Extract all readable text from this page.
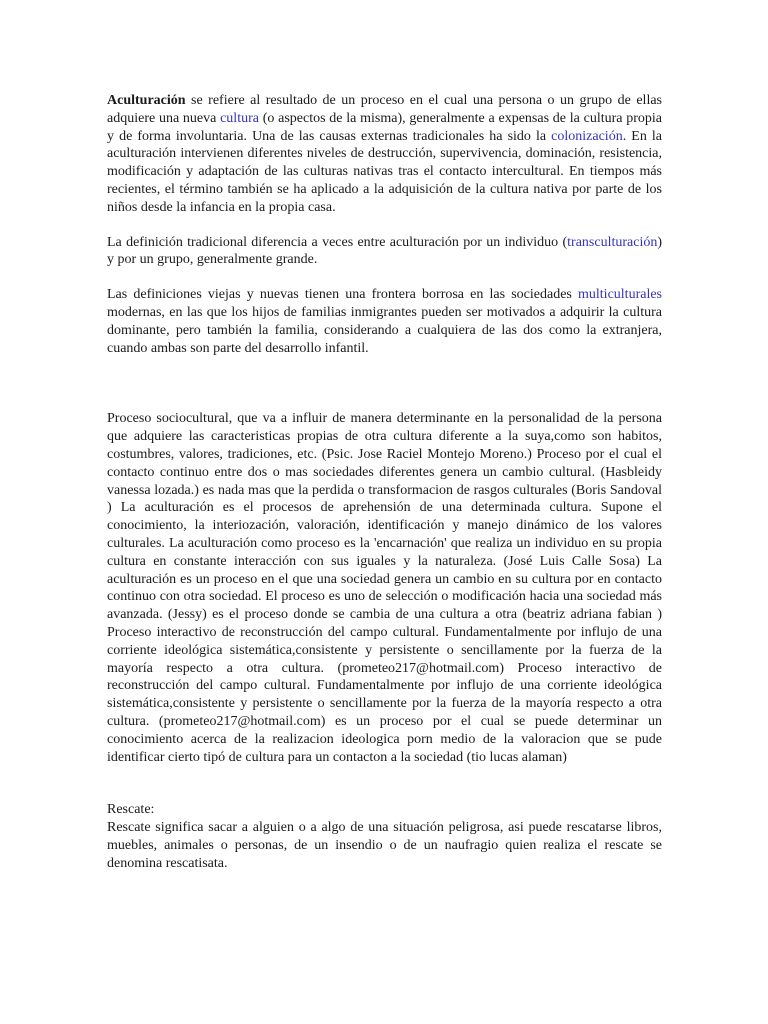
Aculturación se refiere al resultado de un proceso en el cual una persona o un grupo de ellas adquiere una nueva cultura (o aspectos de la misma), generalmente a expensas de la cultura propia y de forma involuntaria. Una de las causas externas tradicionales ha sido la colonización. En la aculturación intervienen diferentes niveles de destrucción, supervivencia, dominación, resistencia, modificación y adaptación de las culturas nativas tras el contacto intercultural. En tiempos más recientes, el término también se ha aplicado a la adquisición de la cultura nativa por parte de los niños desde la infancia en la propia casa.

La definición tradicional diferencia a veces entre aculturación por un individuo (transculturación) y por un grupo, generalmente grande.

Las definiciones viejas y nuevas tienen una frontera borrosa en las sociedades multiculturales modernas, en las que los hijos de familias inmigrantes pueden ser motivados a adquirir la cultura dominante, pero también la familia, considerando a cualquiera de las dos como la extranjera, cuando ambas son parte del desarrollo infantil.

Proceso sociocultural, que va a influir de manera determinante en la personalidad de la persona que adquiere las caracteristicas propias de otra cultura diferente a la suya,como son habitos, costumbres, valores, tradiciones, etc. (Psic. Jose Raciel Montejo Moreno.) Proceso por el cual el contacto continuo entre dos o mas sociedades diferentes genera un cambio cultural. (Hasbleidy vanessa lozada.) es nada mas que la perdida o transformacion de rasgos culturales (Boris Sandoval ) La aculturación es el procesos de aprehensión de una determinada cultura. Supone el conocimiento, la interiozación, valoración, identificación y manejo dinámico de los valores culturales. La aculturación como proceso es la 'encarnación' que realiza un individuo en su propia cultura en constante interacción con sus iguales y la naturaleza. (José Luis Calle Sosa) La aculturación es un proceso en el que una sociedad genera un cambio en su cultura por en contacto continuo con otra sociedad. El proceso es uno de selección o modificación hacia una sociedad más avanzada. (Jessy) es el proceso donde se cambia de una cultura a otra (beatriz adriana fabian ) Proceso interactivo de reconstrucción del campo cultural. Fundamentalmente por influjo de una corriente ideológica sistemática,consistente y persistente o sencillamente por la fuerza de la mayoría respecto a otra cultura. (prometeo217@hotmail.com) Proceso interactivo de reconstrucción del campo cultural. Fundamentalmente por influjo de una corriente ideológica sistemática,consistente y persistente o sencillamente por la fuerza de la mayoría respecto a otra cultura. (prometeo217@hotmail.com) es un proceso por el cual se puede determinar un conocimiento acerca de la realizacion ideologica porn medio de la valoracion que se pude identificar cierto tipó de cultura para un contacton a la sociedad (tio lucas alaman)

Rescate:

Rescate significa sacar a alguien o a algo de una situación peligrosa, asi puede rescatarse libros, muebles, animales o personas, de un insendio o de un naufragio quien realiza el rescate se denomina rescatisata.
